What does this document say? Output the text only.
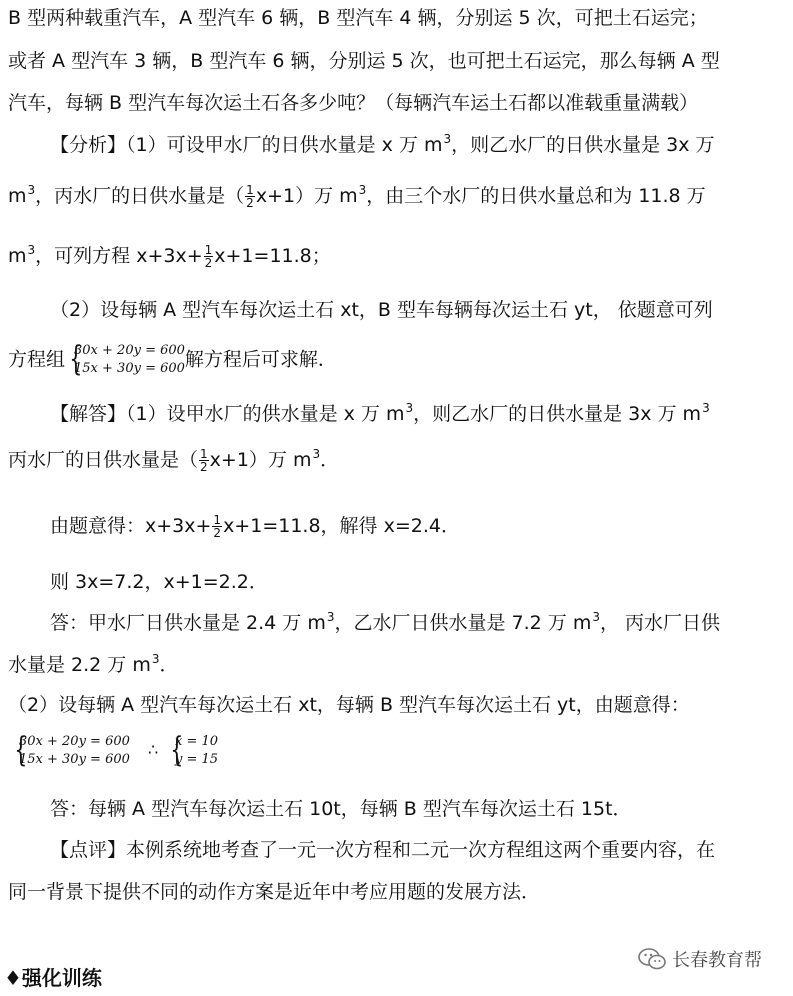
B 型两种载重汽车，A 型汽车 6 辆，B 型汽车 4 辆，分别运 5 次，可把土石运完；
或者 A 型汽车 3 辆，B 型汽车 6 辆，分别运 5 次，也可把土石运完，那么每辆 A 型
汽车，每辆 B 型汽车每次运土石各多少吨？（每辆汽车运土石都以准载重量满载）
【分析】（1）可设甲水厂的日供水量是 x 万 $m^3$，则乙水厂的日供水量是 3x 万
$m^3$，丙水厂的日供水量是（ $\frac{1}{2} x+1$）万 $m^3$，由三个水厂的日供水量总和为 11.8 万
$m^3$，可列方程 $x+3x+ \frac{1}{2} x+1=11.8$；
（2）设每辆 A 型汽车每次运土石 xt，B 型车每辆每次运土石 yt， 依题意可列
方程组 {
30x + 20y = 600
15x + 30y = 600 解方程后可求解．
【解答】（1）设甲水厂的供水量是 x 万 $m^3$，则乙水厂的日供水量是 3x 万 $m^3$
丙水厂的日供水量是（ $\frac{1}{2} x+1$）万 $m^3$．
由题意得：$x+3x+ \frac{1}{2} x+1=11.8$，解得 x=2.4．
则 3x=7.2，x+1=2.2．
答：甲水厂日供水量是 2.4 万 $m^3$，乙水厂日供水量是 7.2 万 $m^3$， 丙水厂日供
水量是 2.2 万 $m^3$．
（2）设每辆 A 型汽车每次运土石 xt，每辆 B 型汽车每次运土石 yt，由题意得：
{
30x + 20y = 600
15x + 30y = 600
∴ {
x = 10
y = 15
答：每辆 A 型汽车每次运土石 10t，每辆 B 型汽车每次运土石 15t．
【点评】本例系统地考查了一元一次方程和二元一次方程组这两个重要内容，在
同一背景下提供不同的动作方案是近年中考应用题的发展方法．
♦强化训练
长春教育帮
